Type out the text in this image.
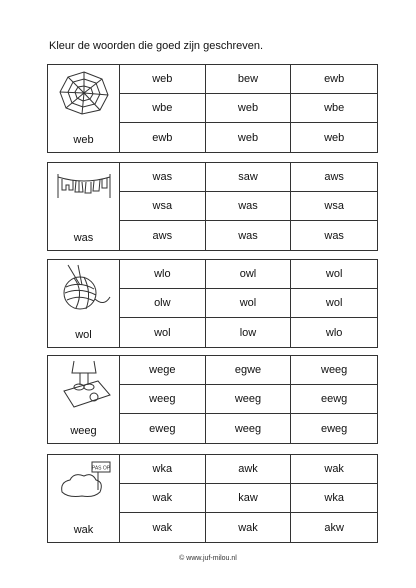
Kleur de woorden die goed zijn geschreven.
web
web	bew	ewb
wbe	web	wbe
ewb	web	web
was
was	saw	aws
wsa	was	wsa
aws	was	was
wol
wlo	owl	wol
olw	wol	wol
wol	low	wlo
weeg
wege	egwe	weeg
weeg	weeg	eewg
eweg	weeg	eweg
PAS OP
wak
wka	awk	wak
wak	kaw	wka
wak	wak	akw
© www.juf-milou.nl
